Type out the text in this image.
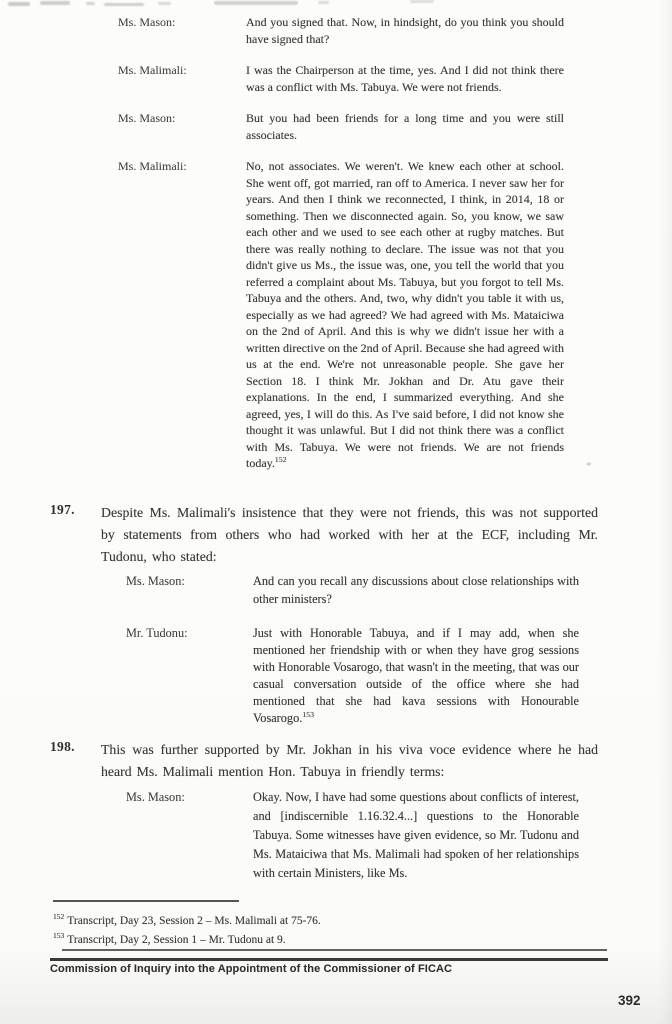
*
Ms. Mason:	And you signed that. Now, in hindsight, do you think you should have signed that?
Ms. Malimali:	I was the Chairperson at the time, yes. And I did not think there was a conflict with Ms. Tabuya. We were not friends.
Ms. Mason:	But you had been friends for a long time and you were still associates.
Ms. Malimali:	No, not associates. We weren't. We knew each other at school. She went off, got married, ran off to America. I never saw her for years. And then I think we reconnected, I think, in 2014, 18 or something. Then we disconnected again. So, you know, we saw each other and we used to see each other at rugby matches. But there was really nothing to declare. The issue was not that you didn't give us Ms., the issue was, one, you tell the world that you referred a complaint about Ms. Tabuya, but you forgot to tell Ms. Tabuya and the others. And, two, why didn't you table it with us, especially as we had agreed? We had agreed with Ms. Mataiciwa on the 2nd of April. And this is why we didn't issue her with a written directive on the 2nd of April. Because she had agreed with us at the end. We're not unreasonable people. She gave her Section 18. I think Mr. Jokhan and Dr. Atu gave their explanations. In the end, I summarized everything. And she agreed, yes, I will do this. As I've said before, I did not know she thought it was unlawful. But I did not think there was a conflict with Ms. Tabuya. We were not friends. We are not friends today.$^{152}$
197. Despite Ms. Malimali's insistence that they were not friends, this was not supported by statements from others who had worked with her at the ECF, including Mr. Tudonu, who stated:
Ms. Mason:	And can you recall any discussions about close relationships with other ministers?
Mr. Tudonu:	Just with Honorable Tabuya, and if I may add, when she mentioned her friendship with or when they have grog sessions with Honorable Vosarogo, that wasn't in the meeting, that was our casual conversation outside of the office where she had mentioned that she had kava sessions with Honourable Vosarogo.$^{153}$
198. This was further supported by Mr. Jokhan in his viva voce evidence where he had heard Ms. Malimali mention Hon. Tabuya in friendly terms:
Ms. Mason:	Okay. Now, I have had some questions about conflicts of interest, and [indiscernible 1.16.32.4...] questions to the Honorable Tabuya. Some witnesses have given evidence, so Mr. Tudonu and Ms. Mataiciwa that Ms. Malimali had spoken of her relationships with certain Ministers, like Ms.
$^{152}$ Transcript, Day 23, Session 2 – Ms. Malimali at 75-76.
$^{153}$ Transcript, Day 2, Session 1 – Mr. Tudonu at 9.
Commission of Inquiry into the Appointment of the Commissioner of FICAC
392
